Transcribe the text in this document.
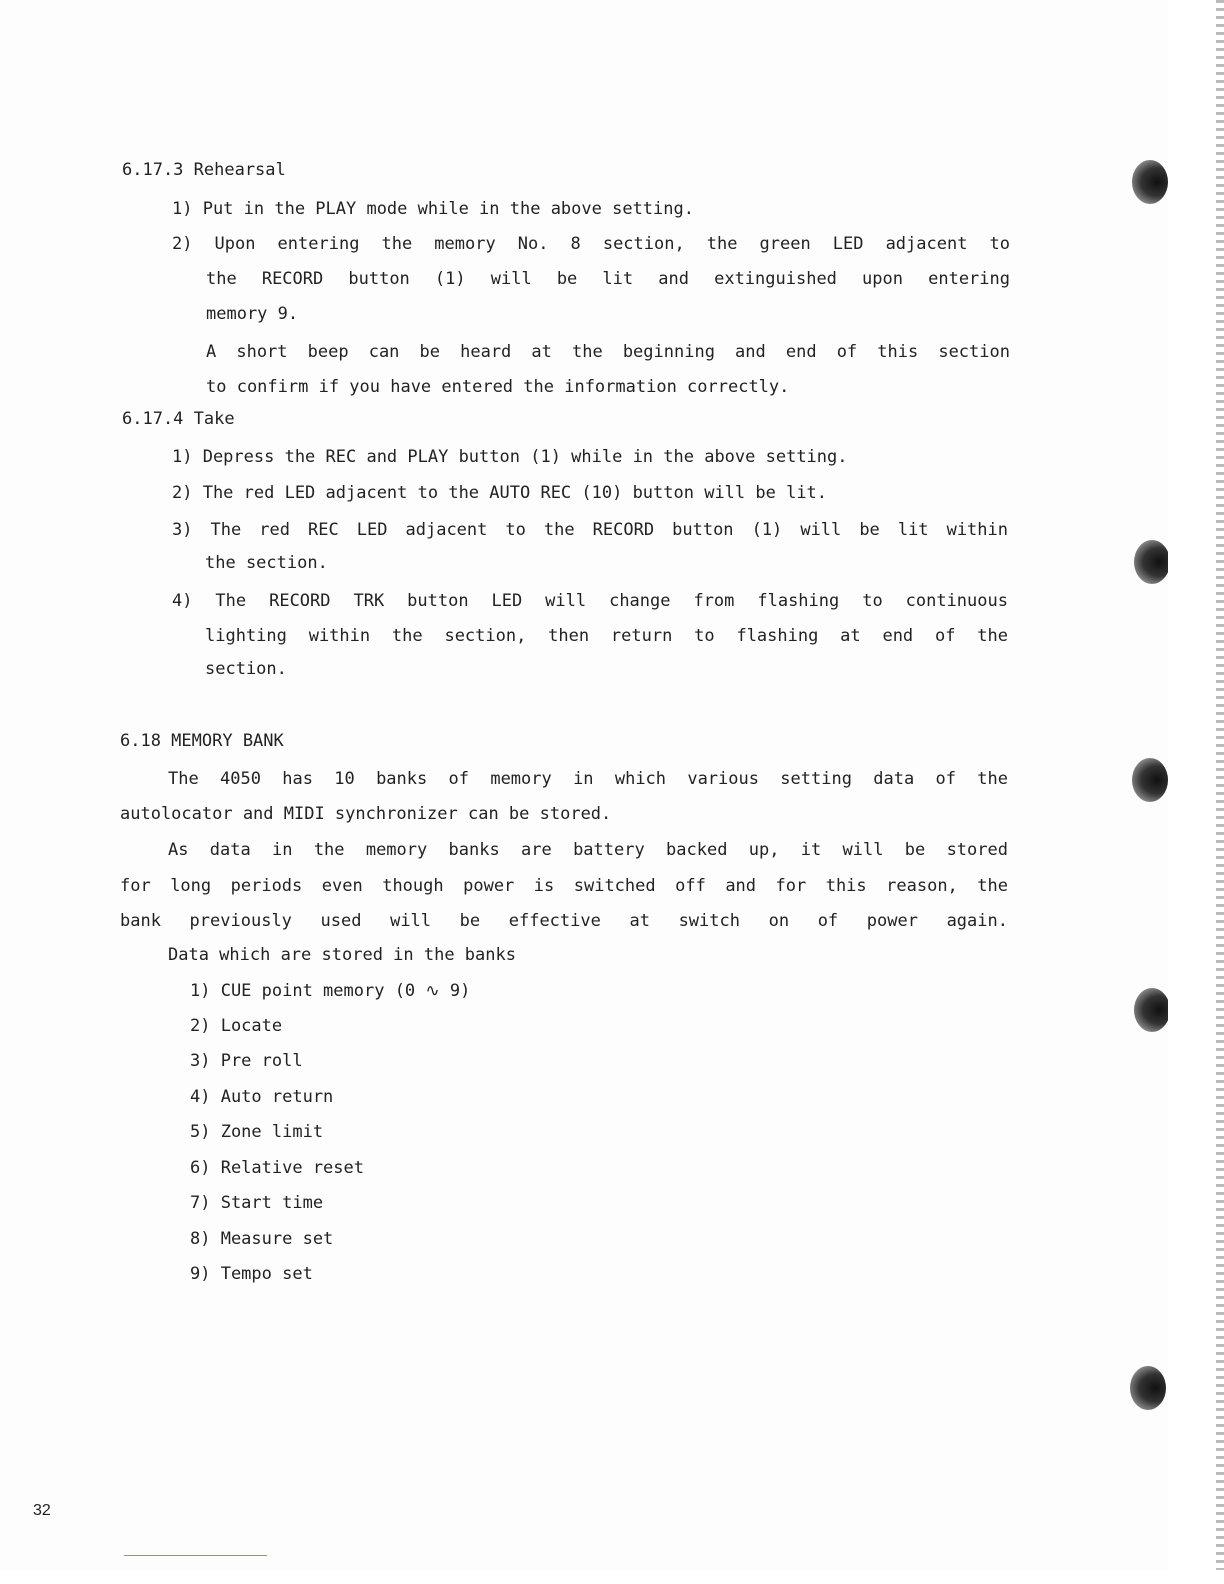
6.17.3 Rehearsal
1) Put in the PLAY mode while in the above setting.
2) Upon entering the memory No. 8 section, the green LED adjacent to
the RECORD button (1) will be lit and extinguished upon entering
memory 9.
A short beep can be heard at the beginning and end of this section
to confirm if you have entered the information correctly.
6.17.4 Take
1) Depress the REC and PLAY button (1) while in the above setting.
2) The red LED adjacent to the AUTO REC (10) button will be lit.
3) The red REC LED adjacent to the RECORD button (1) will be lit within
the section.
4) The RECORD TRK button LED will change from flashing to continuous
lighting within the section, then return to flashing at end of the
section.
6.18 MEMORY BANK
The 4050 has 10 banks of memory in which various setting data of the
autolocator and MIDI synchronizer can be stored.
As data in the memory banks are battery backed up, it will be stored
for long periods even though power is switched off and for this reason, the
bank previously used will be effective at switch on of power again.
Data which are stored in the banks
1) CUE point memory (0 ∿ 9)
2) Locate
3) Pre roll
4) Auto return
5) Zone limit
6) Relative reset
7) Start time
8) Measure set
9) Tempo set
32
